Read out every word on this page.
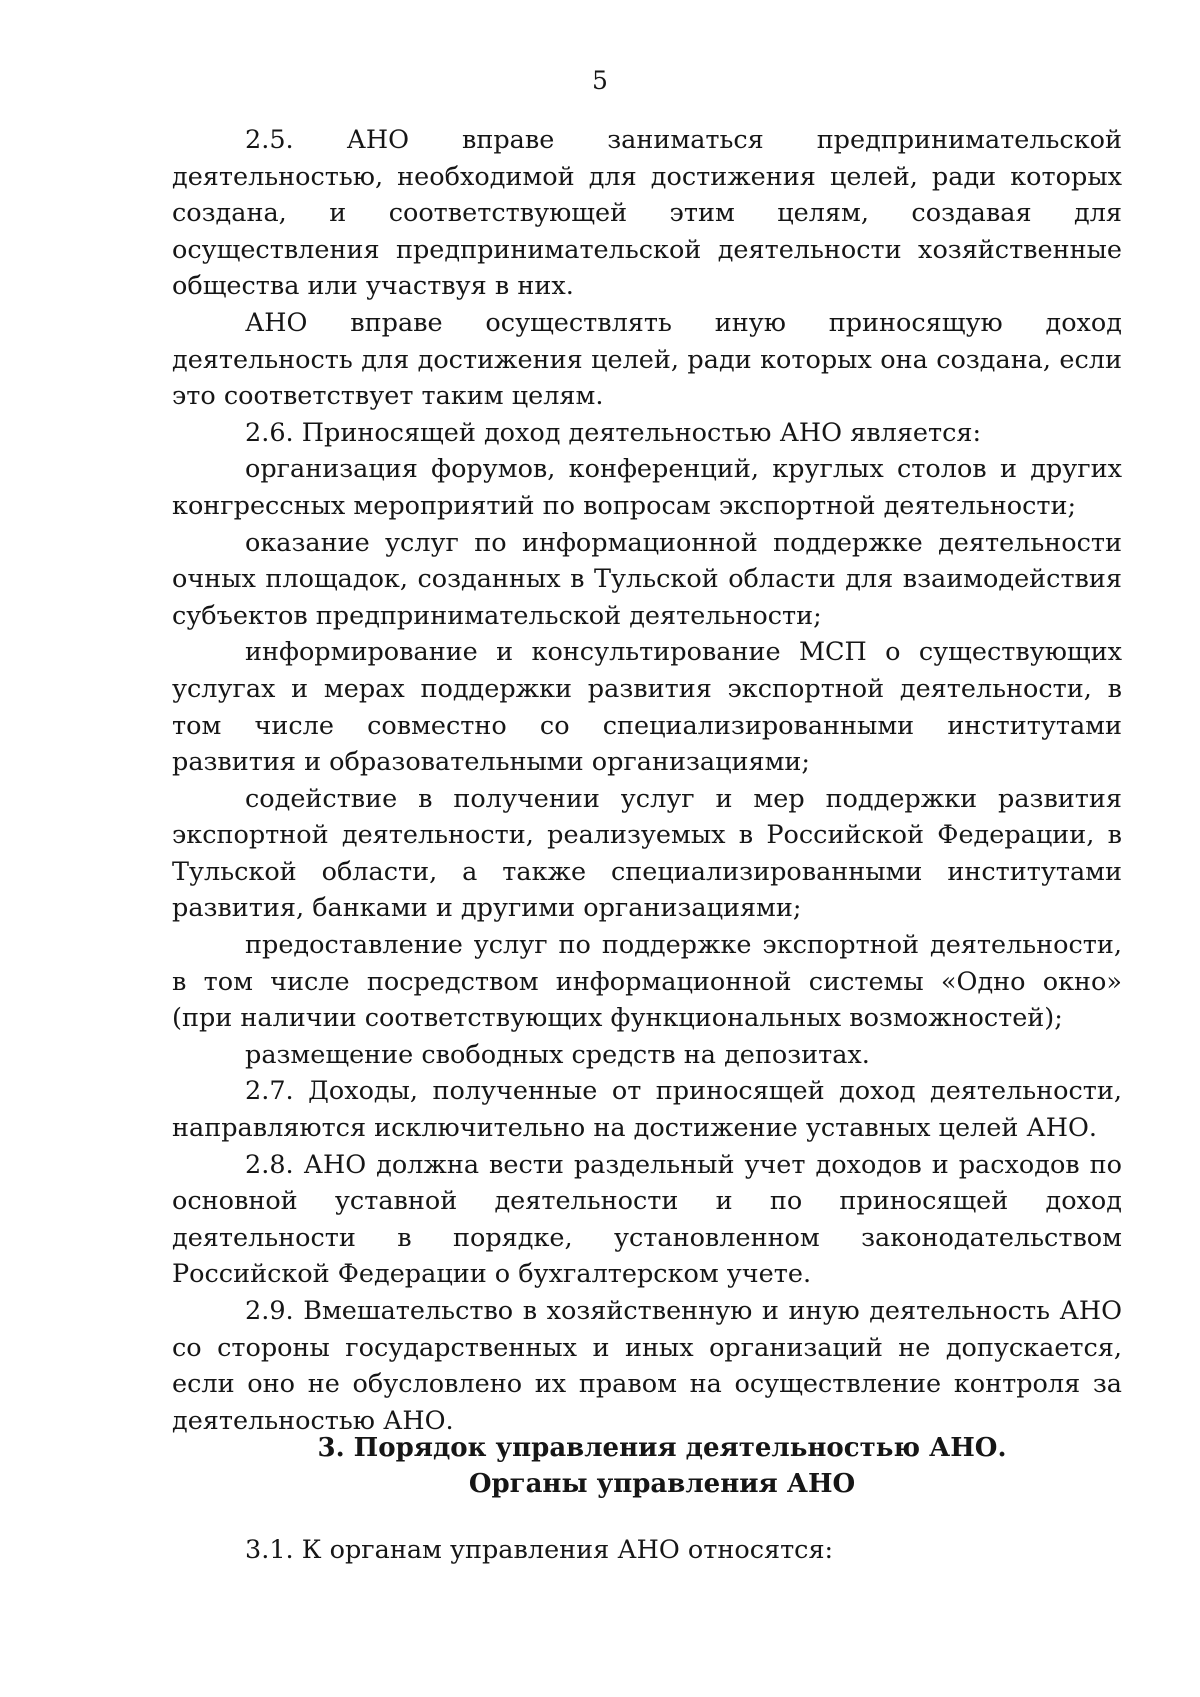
5

2.5. АНО вправе заниматься предпринимательской деятельностью, необходимой для достижения целей, ради которых создана, и соответствующей этим целям, создавая для осуществления предпринимательской деятельности хозяйственные общества или участвуя в них.

АНО вправе осуществлять иную приносящую доход деятельность для достижения целей, ради которых она создана, если это соответствует таким целям.

2.6. Приносящей доход деятельностью АНО является:

организация форумов, конференций, круглых столов и других конгрессных мероприятий по вопросам экспортной деятельности;

оказание услуг по информационной поддержке деятельности очных площадок, созданных в Тульской области для взаимодействия субъектов предпринимательской деятельности;

информирование и консультирование МСП о существующих услугах и мерах поддержки развития экспортной деятельности, в том числе совместно со специализированными институтами развития и образовательными организациями;

содействие в получении услуг и мер поддержки развития экспортной деятельности, реализуемых в Российской Федерации, в Тульской области, а также специализированными институтами развития, банками и другими организациями;

предоставление услуг по поддержке экспортной деятельности, в том числе посредством информационной системы «Одно окно» (при наличии соответствующих функциональных возможностей);

размещение свободных средств на депозитах.

2.7. Доходы, полученные от приносящей доход деятельности, направляются исключительно на достижение уставных целей АНО.

2.8. АНО должна вести раздельный учет доходов и расходов по основной уставной деятельности и по приносящей доход деятельности в порядке, установленном законодательством Российской Федерации о бухгалтерском учете.

2.9. Вмешательство в хозяйственную и иную деятельность АНО со стороны государственных и иных организаций не допускается, если оно не обусловлено их правом на осуществление контроля за деятельностью АНО.

3. Порядок управления деятельностью АНО.
Органы управления АНО

3.1. К органам управления АНО относятся:
